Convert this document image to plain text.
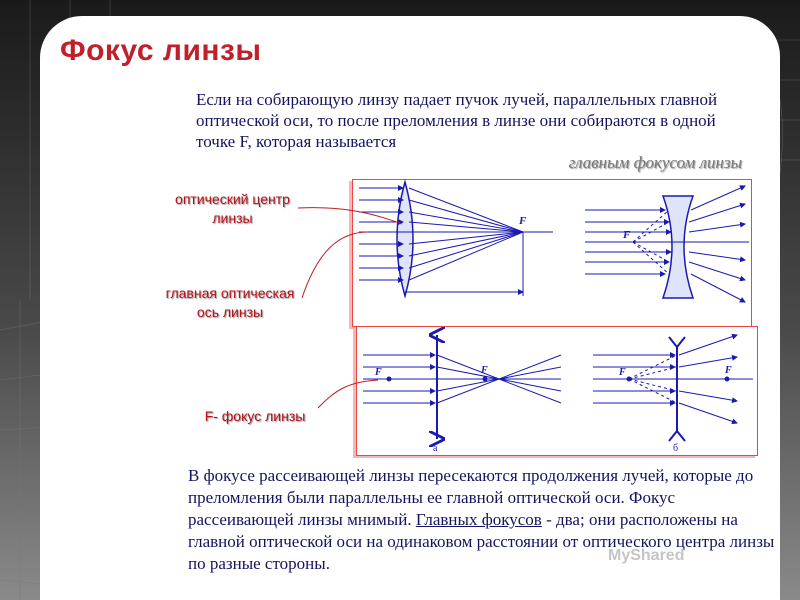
Фокус линзы
Если на собирающую линзу падает пучок лучей, параллельных главной оптической оси, то после преломления в линзе они собираются в одной точке F, которая называется
главным фокусом линзы
оптический центр линзы
главная оптическая ось линзы
F- фокус линзы
F
F
F
F
а
F	F
б
В фокусе рассеивающей линзы пересекаются продолжения лучей, которые до преломления были параллельны ее главной оптической оси. Фокус рассеивающей линзы мнимый. Главных фокусов - два; они расположены на главной оптической оси на одинаковом расстоянии от оптического центра линзы по разные стороны.	MyShared
